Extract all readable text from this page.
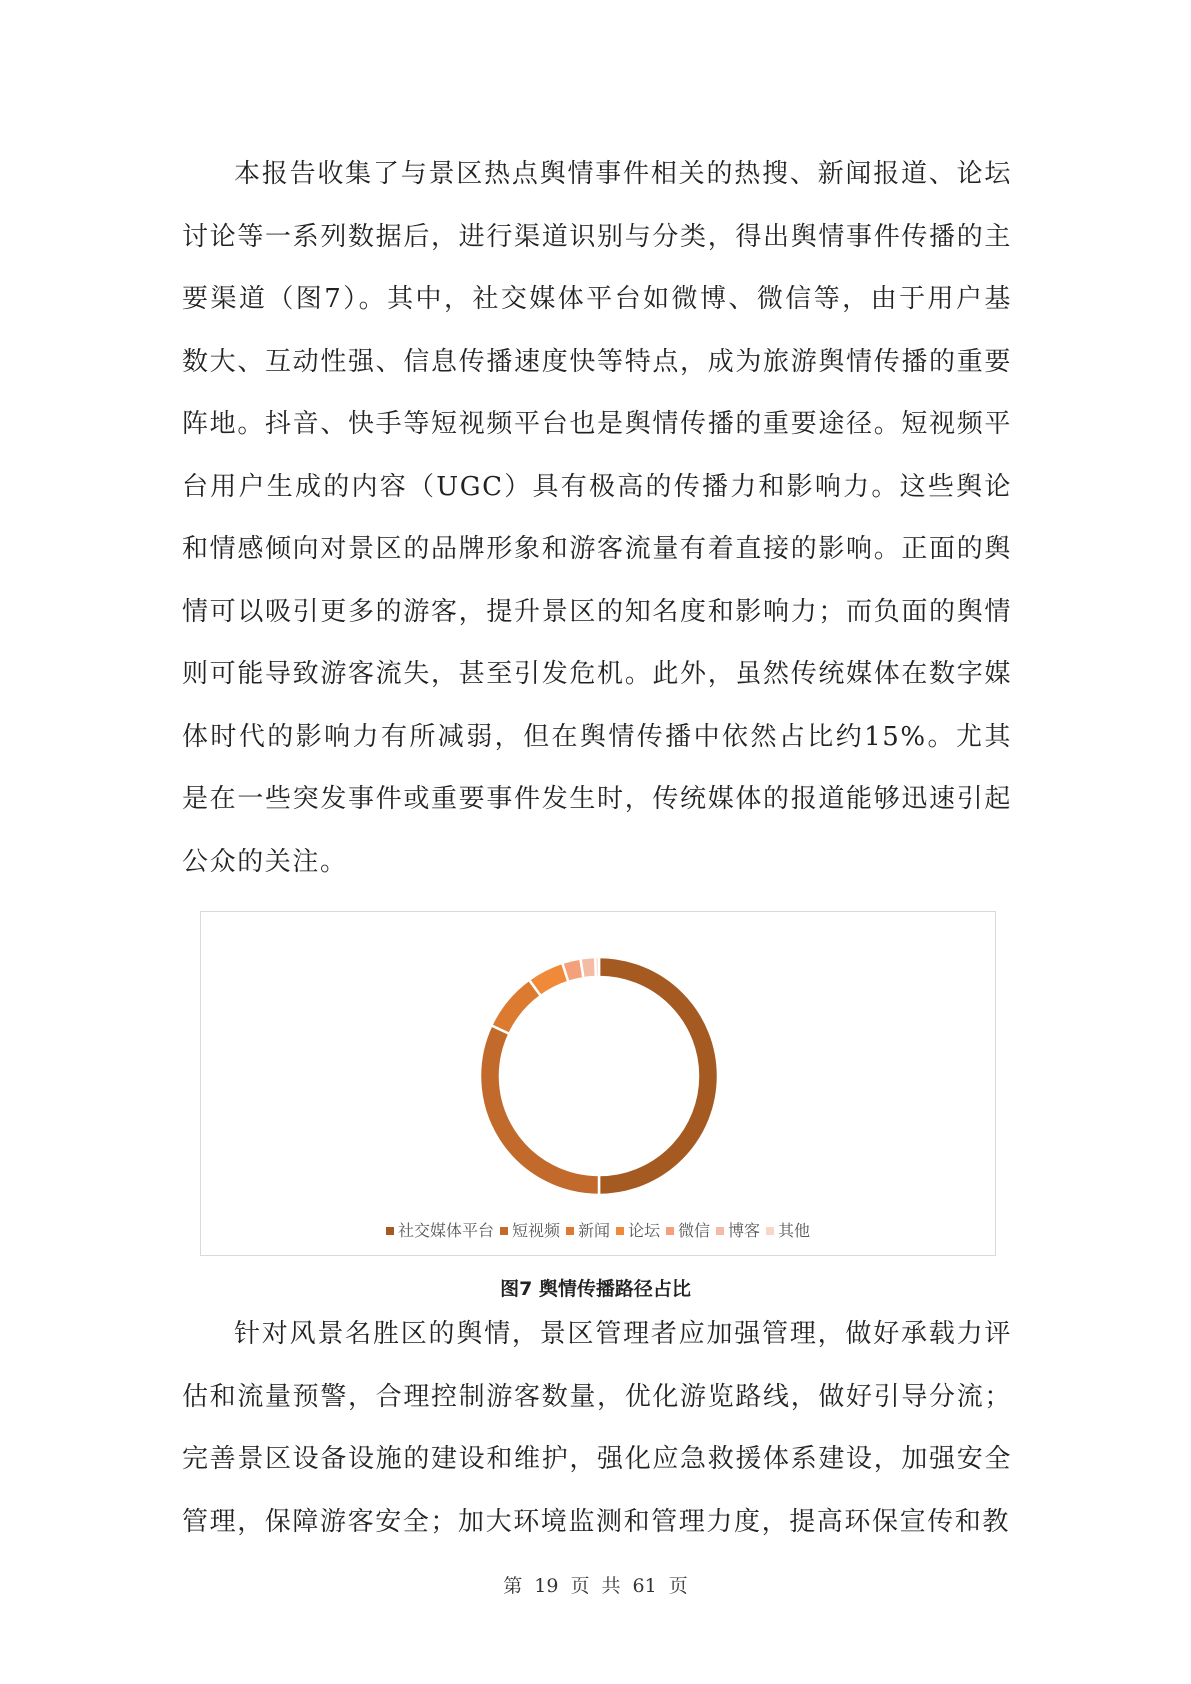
本报告收集了与景区热点舆情事件相关的热搜、新闻报道、论坛讨论等一系列数据后，进行渠道识别与分类，得出舆情事件传播的主要渠道（图7）。其中，社交媒体平台如微博、微信等，由于用户基数大、互动性强、信息传播速度快等特点，成为旅游舆情传播的重要阵地。抖音、快手等短视频平台也是舆情传播的重要途径。短视频平台用户生成的内容（UGC）具有极高的传播力和影响力。这些舆论和情感倾向对景区的品牌形象和游客流量有着直接的影响。正面的舆情可以吸引更多的游客，提升景区的知名度和影响力；而负面的舆情则可能导致游客流失，甚至引发危机。此外，虽然传统媒体在数字媒体时代的影响力有所减弱，但在舆情传播中依然占比约15%。尤其是在一些突发事件或重要事件发生时，传统媒体的报道能够迅速引起公众的关注。

社交媒体平台 短视频 新闻 论坛 微信 博客 其他
图7 舆情传播路径占比

针对风景名胜区的舆情，景区管理者应加强管理，做好承载力评估和流量预警，合理控制游客数量，优化游览路线，做好引导分流；完善景区设备设施的建设和维护，强化应急救援体系建设，加强安全管理，保障游客安全；加大环境监测和管理力度，提高环保宣传和教

第 19 页 共 61 页
